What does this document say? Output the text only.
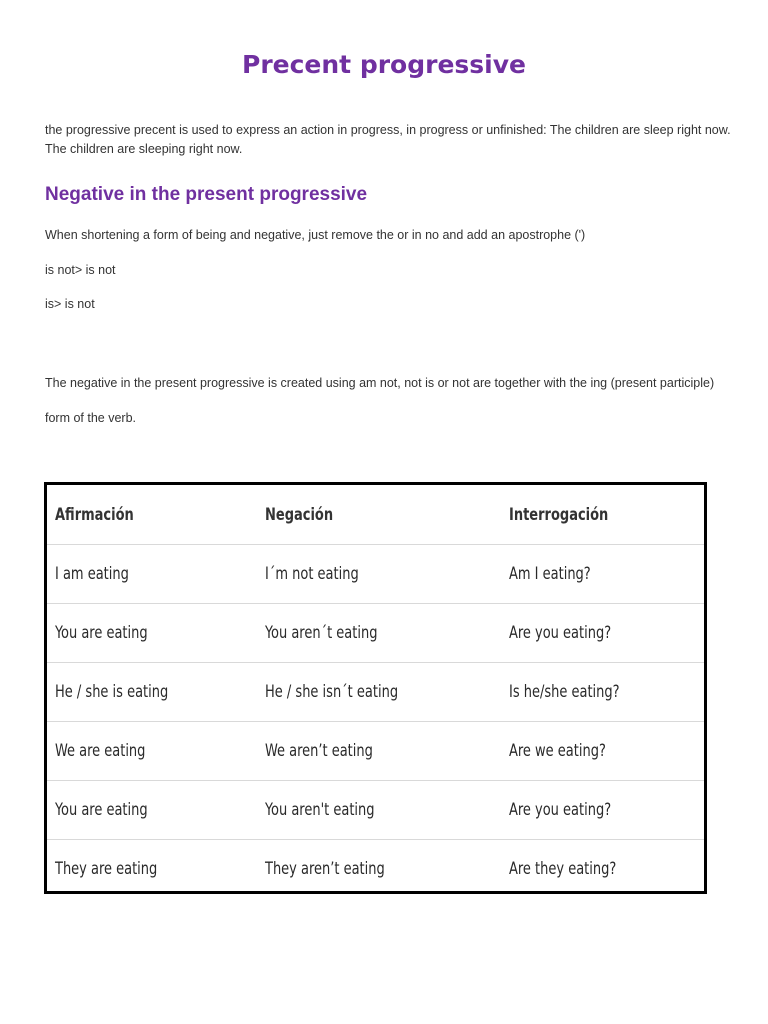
Precent progressive
the progressive precent is used to express an action in progress, in progress or unfinished: The children are sleep right now. The children are sleeping right now.
Negative in the present progressive
When shortening a form of being and negative, just remove the or in no and add an apostrophe (')
is not> is not
is> is not
The negative in the present progressive is created using am not, not is or not are together with the ing (present participle) form of the verb.
Afirmación	Negación	Interrogación
I am eating	I´m not eating	Am I eating?
You are eating	You aren´t eating	Are you eating?
He / she is eating	He / she isn´t eating	Is he/she eating?
We are eating	We aren’t eating	Are we eating?
You are eating	You aren't eating	Are you eating?
They are eating	They aren’t eating	Are they eating?
